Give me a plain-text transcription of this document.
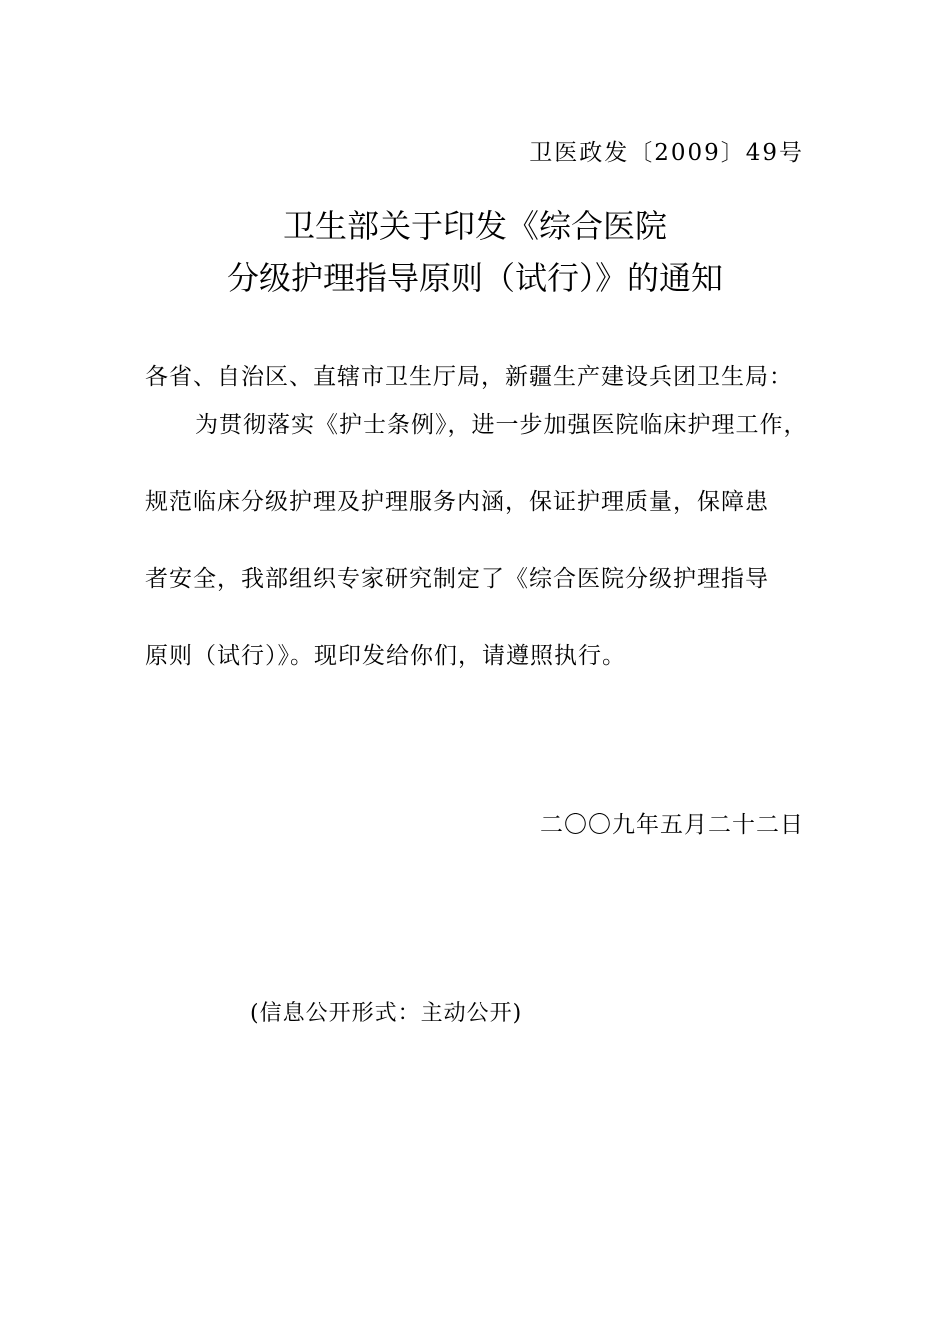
卫医政发〔2009〕49号
卫生部关于印发《综合医院
分级护理指导原则（试行）》的通知
各省、自治区、直辖市卫生厅局，新疆生产建设兵团卫生局：
为贯彻落实《护士条例》，进一步加强医院临床护理工作，
规范临床分级护理及护理服务内涵，保证护理质量，保障患
者安全，我部组织专家研究制定了《综合医院分级护理指导
原则（试行）》。现印发给你们，请遵照执行。
二〇〇九年五月二十二日
(信息公开形式：主动公开)
